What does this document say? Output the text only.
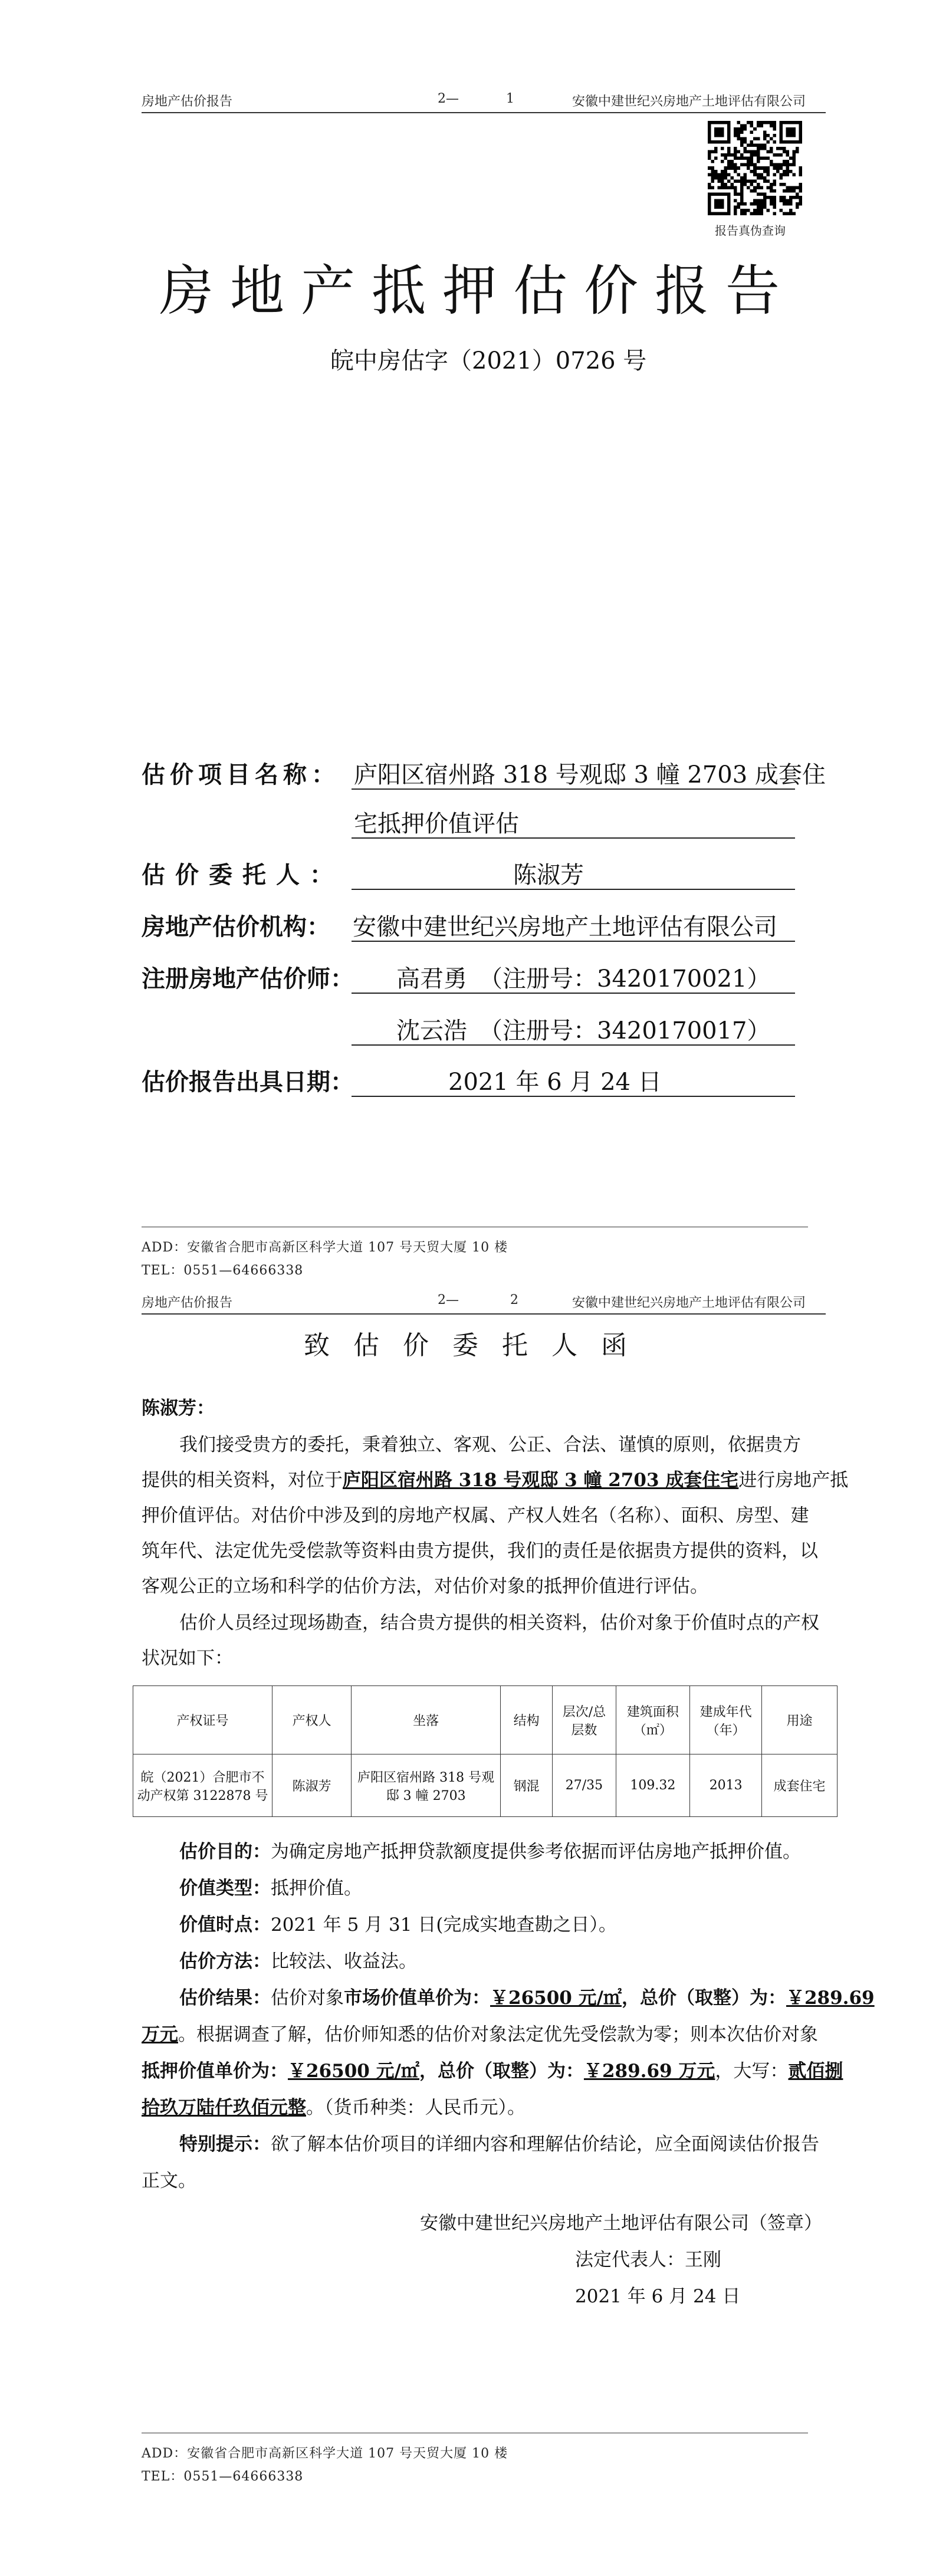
房地产估价报告	2—	1	安徽中建世纪兴房地产土地评估有限公司
报告真伪查询
房地产抵押估价报告
皖中房估字（2021）0726 号
估价项目名称： 庐阳区宿州路 318 号观邸 3 幢 2703 成套住
宅抵押价值评估
估价委托人：	陈淑芳
房地产估价机构： 安徽中建世纪兴房地产土地评估有限公司
注册房地产估价师： 高君勇　（注册号：3420170021）
沈云浩　（注册号：3420170017）
估价报告出具日期：	2021 年 6 月 24 日
ADD：安徽省合肥市高新区科学大道 107 号天贸大厦 10 楼
TEL：0551—64666338
房地产估价报告	2—	2	安徽中建世纪兴房地产土地评估有限公司
致估价委托人函
陈淑芳：
我们接受贵方的委托，秉着独立、客观、公正、合法、谨慎的原则，依据贵方
提供的相关资料，对位于庐阳区宿州路 318 号观邸 3 幢 2703 成套住宅进行房地产抵
押价值评估。对估价中涉及到的房地产权属、产权人姓名（名称）、面积、房型、建
筑年代、法定优先受偿款等资料由贵方提供，我们的责任是依据贵方提供的资料，以
客观公正的立场和科学的估价方法，对估价对象的抵押价值进行评估。
估价人员经过现场勘查，结合贵方提供的相关资料，估价对象于价值时点的产权
状况如下：
产权证号	产权人	坐落	结构	层次/总层数	建筑面积（㎡）	建成年代（年）	用途
皖（2021）合肥市不动产权第 3122878 号	陈淑芳	庐阳区宿州路 318 号观邸 3 幢 2703	钢混	27/35	109.32	2013	成套住宅
估价目的：为确定房地产抵押贷款额度提供参考依据而评估房地产抵押价值。
价值类型：抵押价值。
价值时点：2021 年 5 月 31 日(完成实地查勘之日）。
估价方法：比较法、收益法。
估价结果：估价对象市场价值单价为：￥26500 元/㎡，总价（取整）为：￥289.69
万元。根据调查了解，估价师知悉的估价对象法定优先受偿款为零；则本次估价对象
抵押价值单价为：￥26500 元/㎡，总价（取整）为：￥289.69 万元，大写：贰佰捌
拾玖万陆仟玖佰元整。（货币种类：人民币元）。
特别提示：欲了解本估价项目的详细内容和理解估价结论，应全面阅读估价报告
正文。
安徽中建世纪兴房地产土地评估有限公司（签章）
法定代表人：王刚
2021 年 6 月 24 日
ADD：安徽省合肥市高新区科学大道 107 号天贸大厦 10 楼
TEL：0551—64666338
